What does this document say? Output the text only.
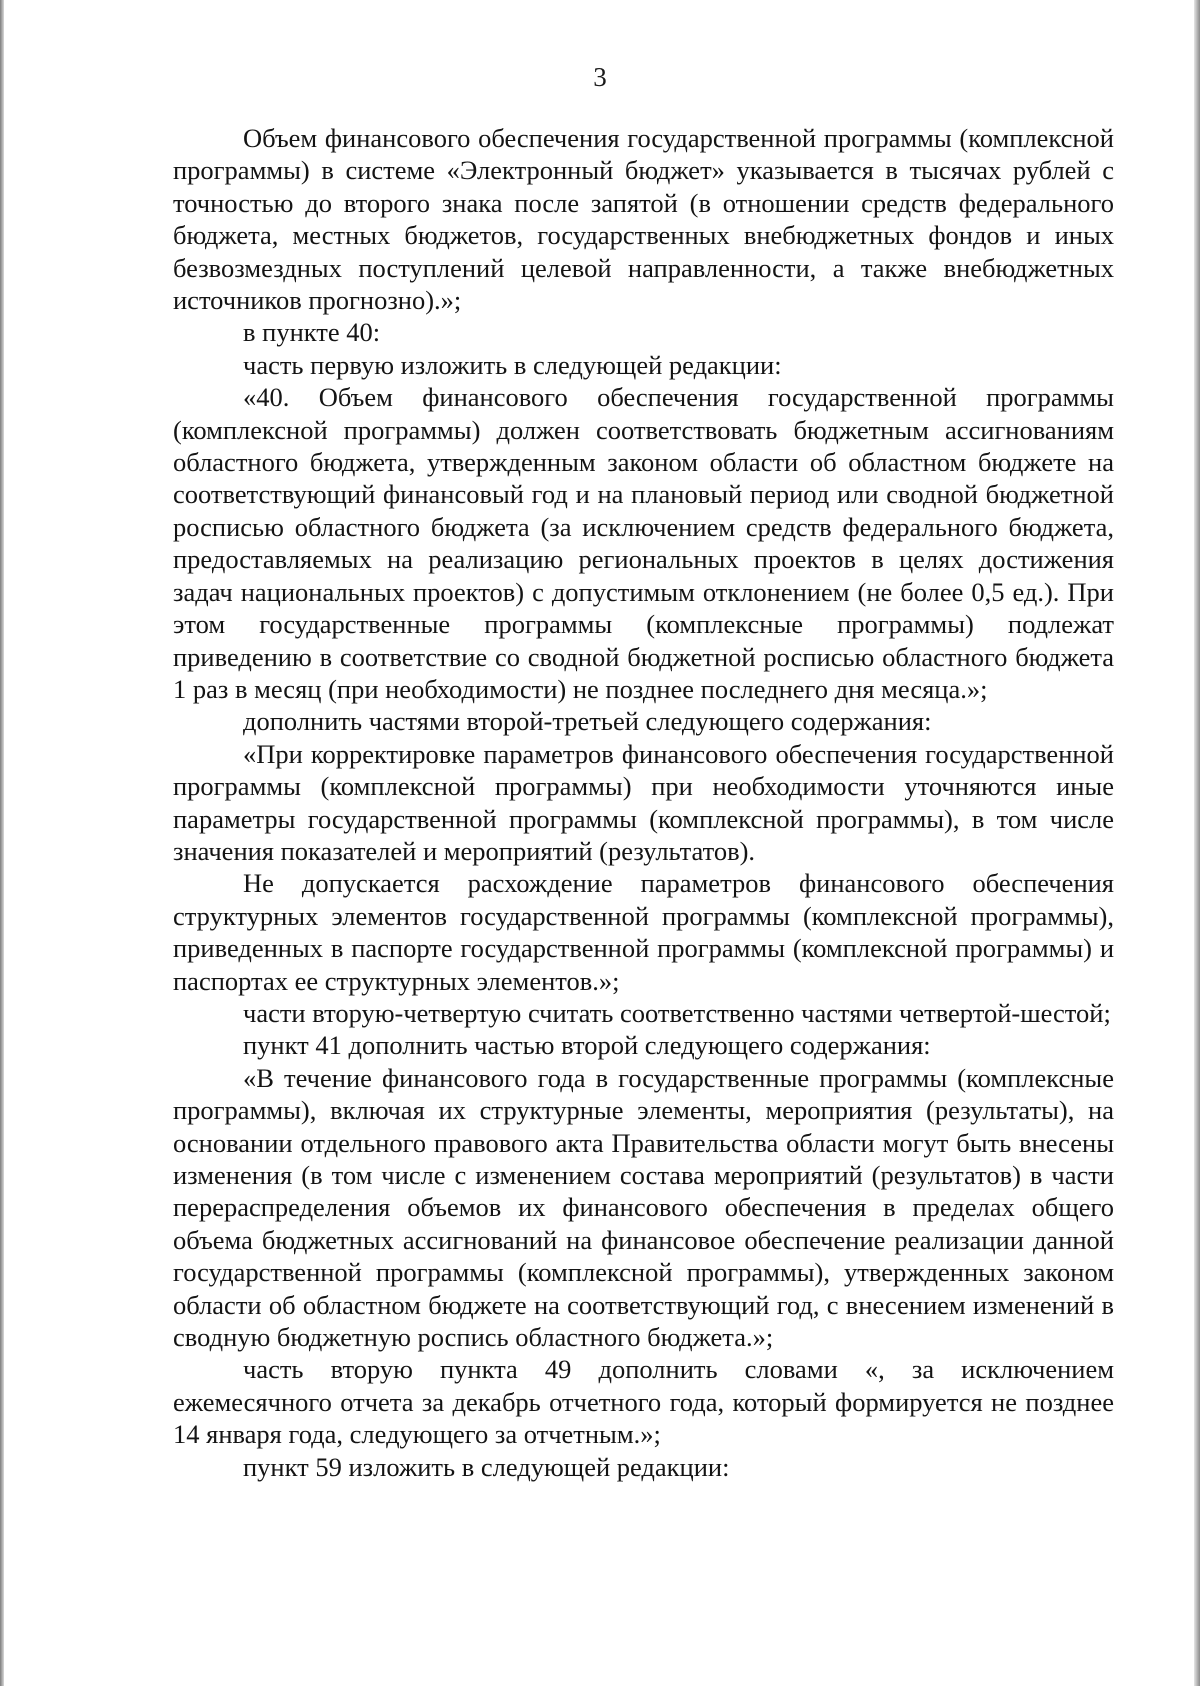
3

Объем финансового обеспечения государственной программы (комплексной программы) в системе «Электронный бюджет» указывается в тысячах рублей с точностью до второго знака после запятой (в отношении средств федерального бюджета, местных бюджетов, государственных внебюджетных фондов и иных безвозмездных поступлений целевой направленности, а также внебюджетных источников прогнозно).»;

в пункте 40:

часть первую изложить в следующей редакции:

«40. Объем финансового обеспечения государственной программы (комплексной программы) должен соответствовать бюджетным ассигнованиям областного бюджета, утвержденным законом области об областном бюджете на соответствующий финансовый год и на плановый период или сводной бюджетной росписью областного бюджета (за исключением средств федерального бюджета, предоставляемых на реализацию региональных проектов в целях достижения задач национальных проектов) с допустимым отклонением (не более 0,5 ед.). При этом государственные программы (комплексные программы) подлежат приведению в соответствие со сводной бюджетной росписью областного бюджета 1 раз в месяц (при необходимости) не позднее последнего дня месяца.»;

дополнить частями второй-третьей следующего содержания:

«При корректировке параметров финансового обеспечения государственной программы (комплексной программы) при необходимости уточняются иные параметры государственной программы (комплексной программы), в том числе значения показателей и мероприятий (результатов).

Не допускается расхождение параметров финансового обеспечения структурных элементов государственной программы (комплексной программы), приведенных в паспорте государственной программы (комплексной программы) и паспортах ее структурных элементов.»;

части вторую-четвертую считать соответственно частями четвертой-шестой;

пункт 41 дополнить частью второй следующего содержания:

«В течение финансового года в государственные программы (комплексные программы), включая их структурные элементы, мероприятия (результаты), на основании отдельного правового акта Правительства области могут быть внесены изменения (в том числе с изменением состава мероприятий (результатов) в части перераспределения объемов их финансового обеспечения в пределах общего объема бюджетных ассигнований на финансовое обеспечение реализации данной государственной программы (комплексной программы), утвержденных законом области об областном бюджете на соответствующий год, с внесением изменений в сводную бюджетную роспись областного бюджета.»;

часть вторую пункта 49 дополнить словами «, за исключением ежемесячного отчета за декабрь отчетного года, который формируется не позднее 14 января года, следующего за отчетным.»;

пункт 59 изложить в следующей редакции:
